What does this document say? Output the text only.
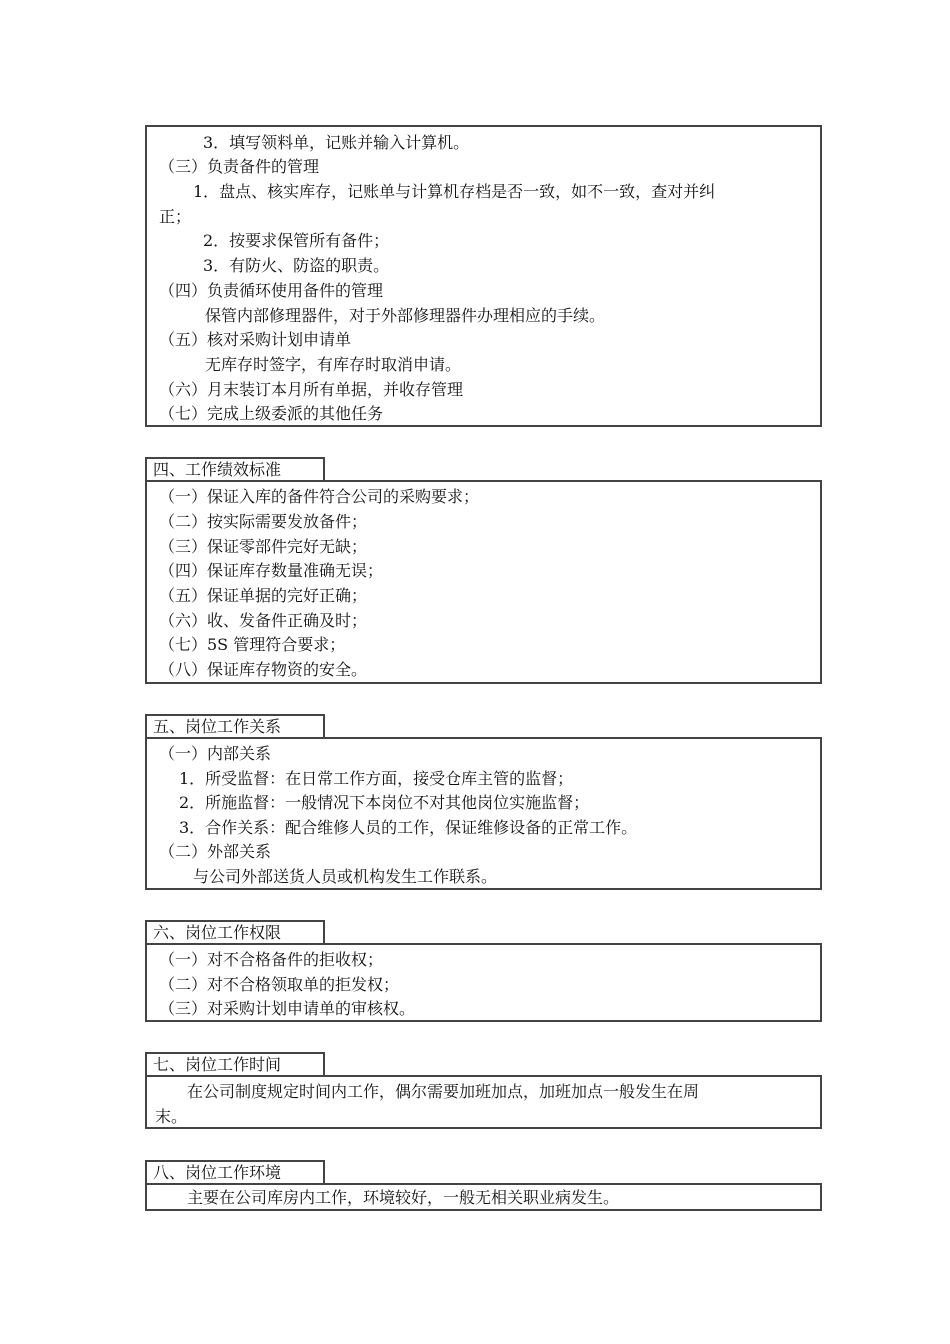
3．填写领料单，记账并输入计算机。
（三）负责备件的管理
1．盘点、核实库存，记账单与计算机存档是否一致，如不一致，查对并纠
正；
2．按要求保管所有备件；
3．有防火、防盗的职责。
（四）负责循环使用备件的管理
保管内部修理器件，对于外部修理器件办理相应的手续。
（五）核对采购计划申请单
无库存时签字，有库存时取消申请。
（六）月末装订本月所有单据，并收存管理
（七）完成上级委派的其他任务
四、工作绩效标准
（一）保证入库的备件符合公司的采购要求；
（二）按实际需要发放备件；
（三）保证零部件完好无缺；
（四）保证库存数量准确无误；
（五）保证单据的完好正确；
（六）收、发备件正确及时；
（七）5S 管理符合要求；
（八）保证库存物资的安全。
五、岗位工作关系
（一）内部关系
1．所受监督：在日常工作方面，接受仓库主管的监督；
2．所施监督：一般情况下本岗位不对其他岗位实施监督；
3．合作关系：配合维修人员的工作，保证维修设备的正常工作。
（二）外部关系
与公司外部送货人员或机构发生工作联系。
六、岗位工作权限
（一）对不合格备件的拒收权；
（二）对不合格领取单的拒发权；
（三）对采购计划申请单的审核权。
七、岗位工作时间
在公司制度规定时间内工作，偶尔需要加班加点，加班加点一般发生在周
末。
八、岗位工作环境
主要在公司库房内工作，环境较好，一般无相关职业病发生。
